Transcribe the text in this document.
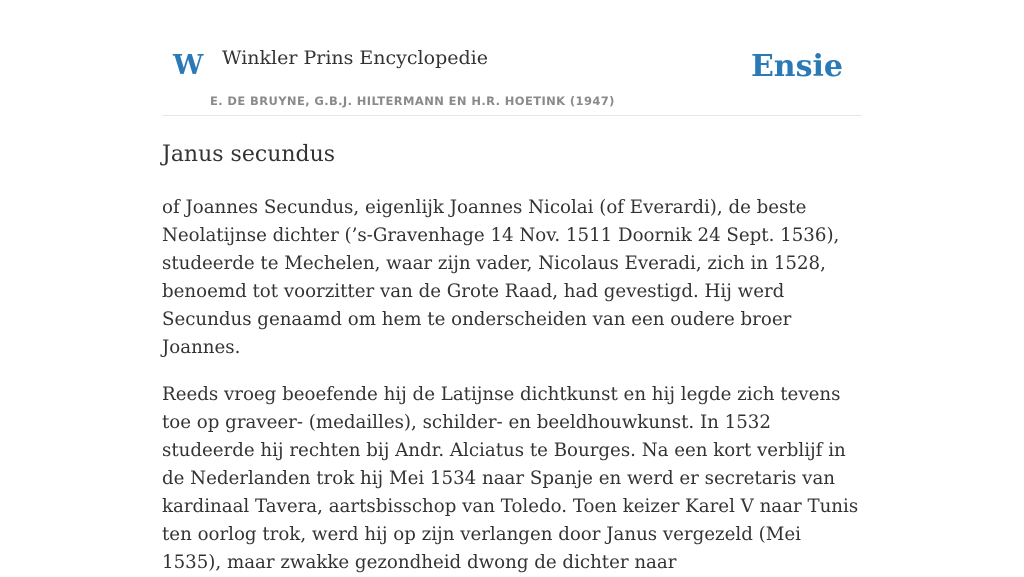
W Winkler Prins Encyclopedie
E. DE BRUYNE, G.B.J. HILTERMANN EN H.R. HOETINK (1947)
Ensie
Janus secundus

of Joannes Secundus, eigenlijk Joannes Nicolai (of Everardi), de beste Neolatijnse dichter (’s-Gravenhage 14 Nov. 1511 Doornik 24 Sept. 1536), studeerde te Mechelen, waar zijn vader, Nicolaus Everadi, zich in 1528, benoemd tot voorzitter van de Grote Raad, had gevestigd. Hij werd Secundus genaamd om hem te onderscheiden van een oudere broer Joannes.

Reeds vroeg beoefende hij de Latijnse dichtkunst en hij legde zich tevens toe op graveer- (medailles), schilder- en beeldhouwkunst. In 1532 studeerde hij rechten bij Andr. Alciatus te Bourges. Na een kort verblijf in de Nederlanden trok hij Mei 1534 naar Spanje en werd er secretaris van kardinaal Tavera, aartsbisschop van Toledo. Toen keizer Karel V naar Tunis ten oorlog trok, werd hij op zijn verlangen door Janus vergezeld (Mei 1535), maar zwakke gezondheid dwong de dichter naar
